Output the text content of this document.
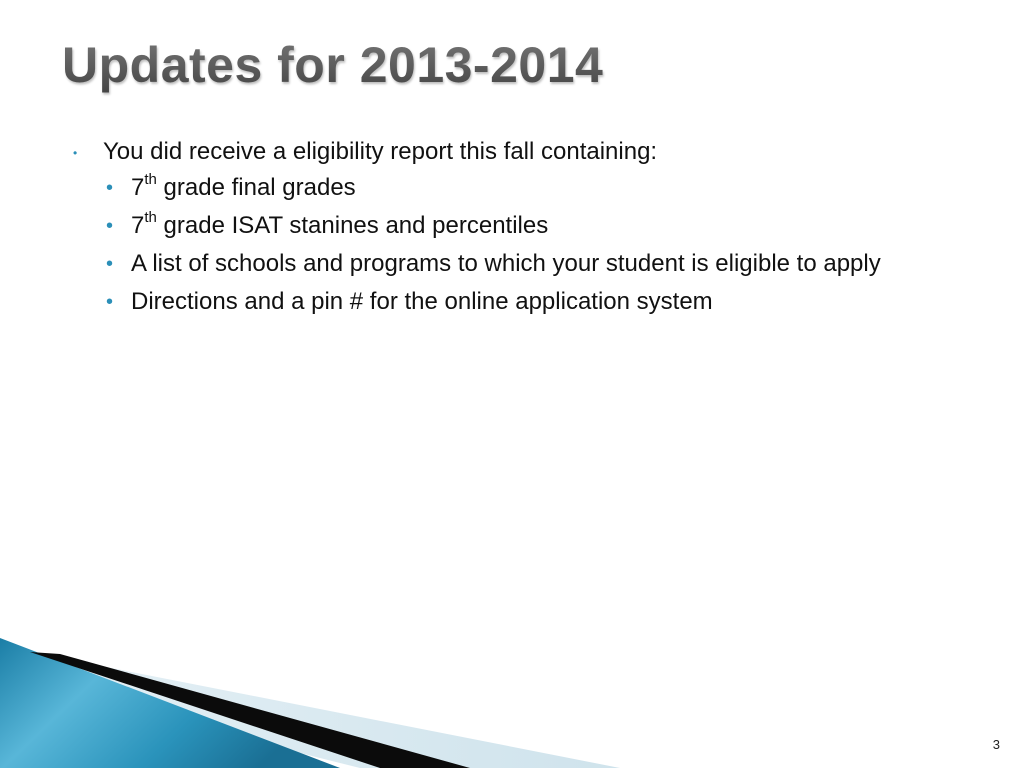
Updates for 2013-2014
• You did receive a eligibility report this fall containing:
• 7th grade final grades
• 7th grade ISAT stanines and percentiles
• A list of schools and programs to which your student is eligible to apply
• Directions and a pin # for the online application system
3
